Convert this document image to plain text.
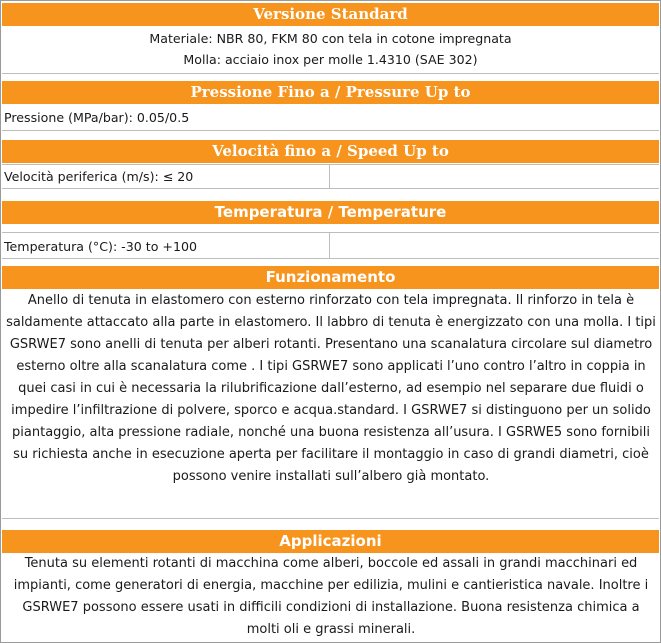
Versione Standard
Materiale: NBR 80, FKM 80 con tela in cotone impregnata
Molla: acciaio inox per molle 1.4310 (SAE 302)
Pressione Fino a / Pressure Up to
Pressione (MPa/bar): 0.05/0.5
Velocità fino a / Speed Up to
Velocità periferica (m/s): ≤ 20
Temperatura / Temperature
Temperatura (°C): -30 to +100
Funzionamento
Anello di tenuta in elastomero con esterno rinforzato con tela impregnata. Il rinforzo in tela è saldamente attaccato alla parte in elastomero. Il labbro di tenuta è energizzato con una molla. I tipi GSRWE7 sono anelli di tenuta per alberi rotanti. Presentano una scanalatura circolare sul diametro esterno oltre alla scanalatura come . I tipi GSRWE7 sono applicati l’uno contro l’altro in coppia in quei casi in cui è necessaria la rilubrificazione dall’esterno, ad esempio nel separare due fluidi o impedire l’infiltrazione di polvere, sporco e acqua.standard. I GSRWE7 si distinguono per un solido piantaggio, alta pressione radiale, nonché una buona resistenza all’usura. I GSRWE5 sono fornibili su richiesta anche in esecuzione aperta per facilitare il montaggio in caso di grandi diametri, cioè possono venire installati sull’albero già montato.
Applicazioni
Tenuta su elementi rotanti di macchina come alberi, boccole ed assali in grandi macchinari ed impianti, come generatori di energia, macchine per edilizia, mulini e cantieristica navale. Inoltre i GSRWE7 possono essere usati in difficili condizioni di installazione. Buona resistenza chimica a molti oli e grassi minerali.
